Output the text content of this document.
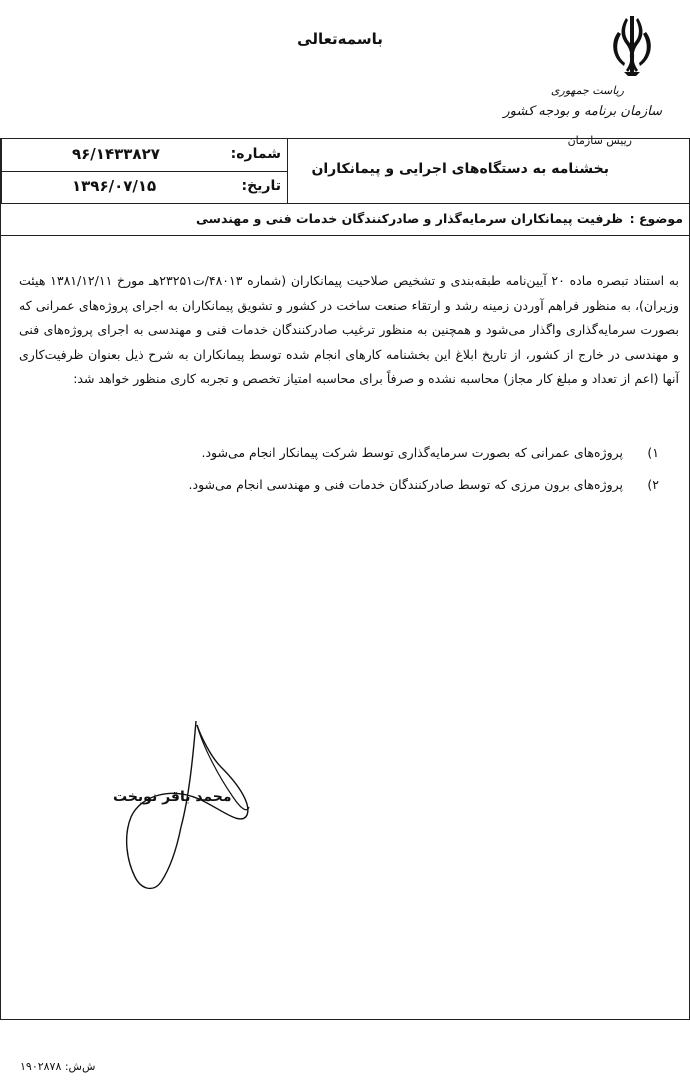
باسمه‌تعالی
ریاست جمهوری
سازمان برنامه و بودجه کشور
رییس سازمان
شماره:
۹۶/۱۴۳۳۸۲۷
تاریخ:
۱۳۹۶/۰۷/۱۵
بخشنامه به دستگاه‌های اجرایی و پیمانکاران
موضوع :
ظرفیت پیمانکاران سرمایه‌گذار و صادرکنندگان خدمات فنی و مهندسی
به استناد تبصره ماده ۲۰ آیین‌نامه طبقه‌بندی و تشخیص صلاحیت پیمانکاران (شماره ۴۸۰۱۳/ت۲۳۲۵۱هـ مورخ ۱۳۸۱/۱۲/۱۱ هیئت وزیران)، به منظور فراهم آوردن زمینه رشد و ارتقاء صنعت ساخت در کشور و تشویق پیمانکاران به اجرای پروژه‌های عمرانی که بصورت سرمایه‌گذاری واگذار می‌شود و همچنین به منظور ترغیب صادرکنندگان خدمات فنی و مهندسی به اجرای پروژه‌های فنی و مهندسی در خارج از کشور، از تاریخ ابلاغ این بخشنامه کارهای انجام شده توسط پیمانکاران به شرح ذیل بعنوان ظرفیت‌کاری آنها (اعم از تعداد و مبلغ کار مجاز) محاسبه نشده و صرفاً برای محاسبه امتیاز تخصص و تجربه کاری منظور خواهد شد:
۱)
پروژه‌های عمرانی که بصورت سرمایه‌گذاری توسط شرکت پیمانکار انجام می‌شود.
۲)
پروژه‌های برون مرزی که توسط صادرکنندگان خدمات فنی و مهندسی انجام می‌شود.
محمد باقر نوبخت
ش‌ش: ۱۹۰۲۸۷۸
